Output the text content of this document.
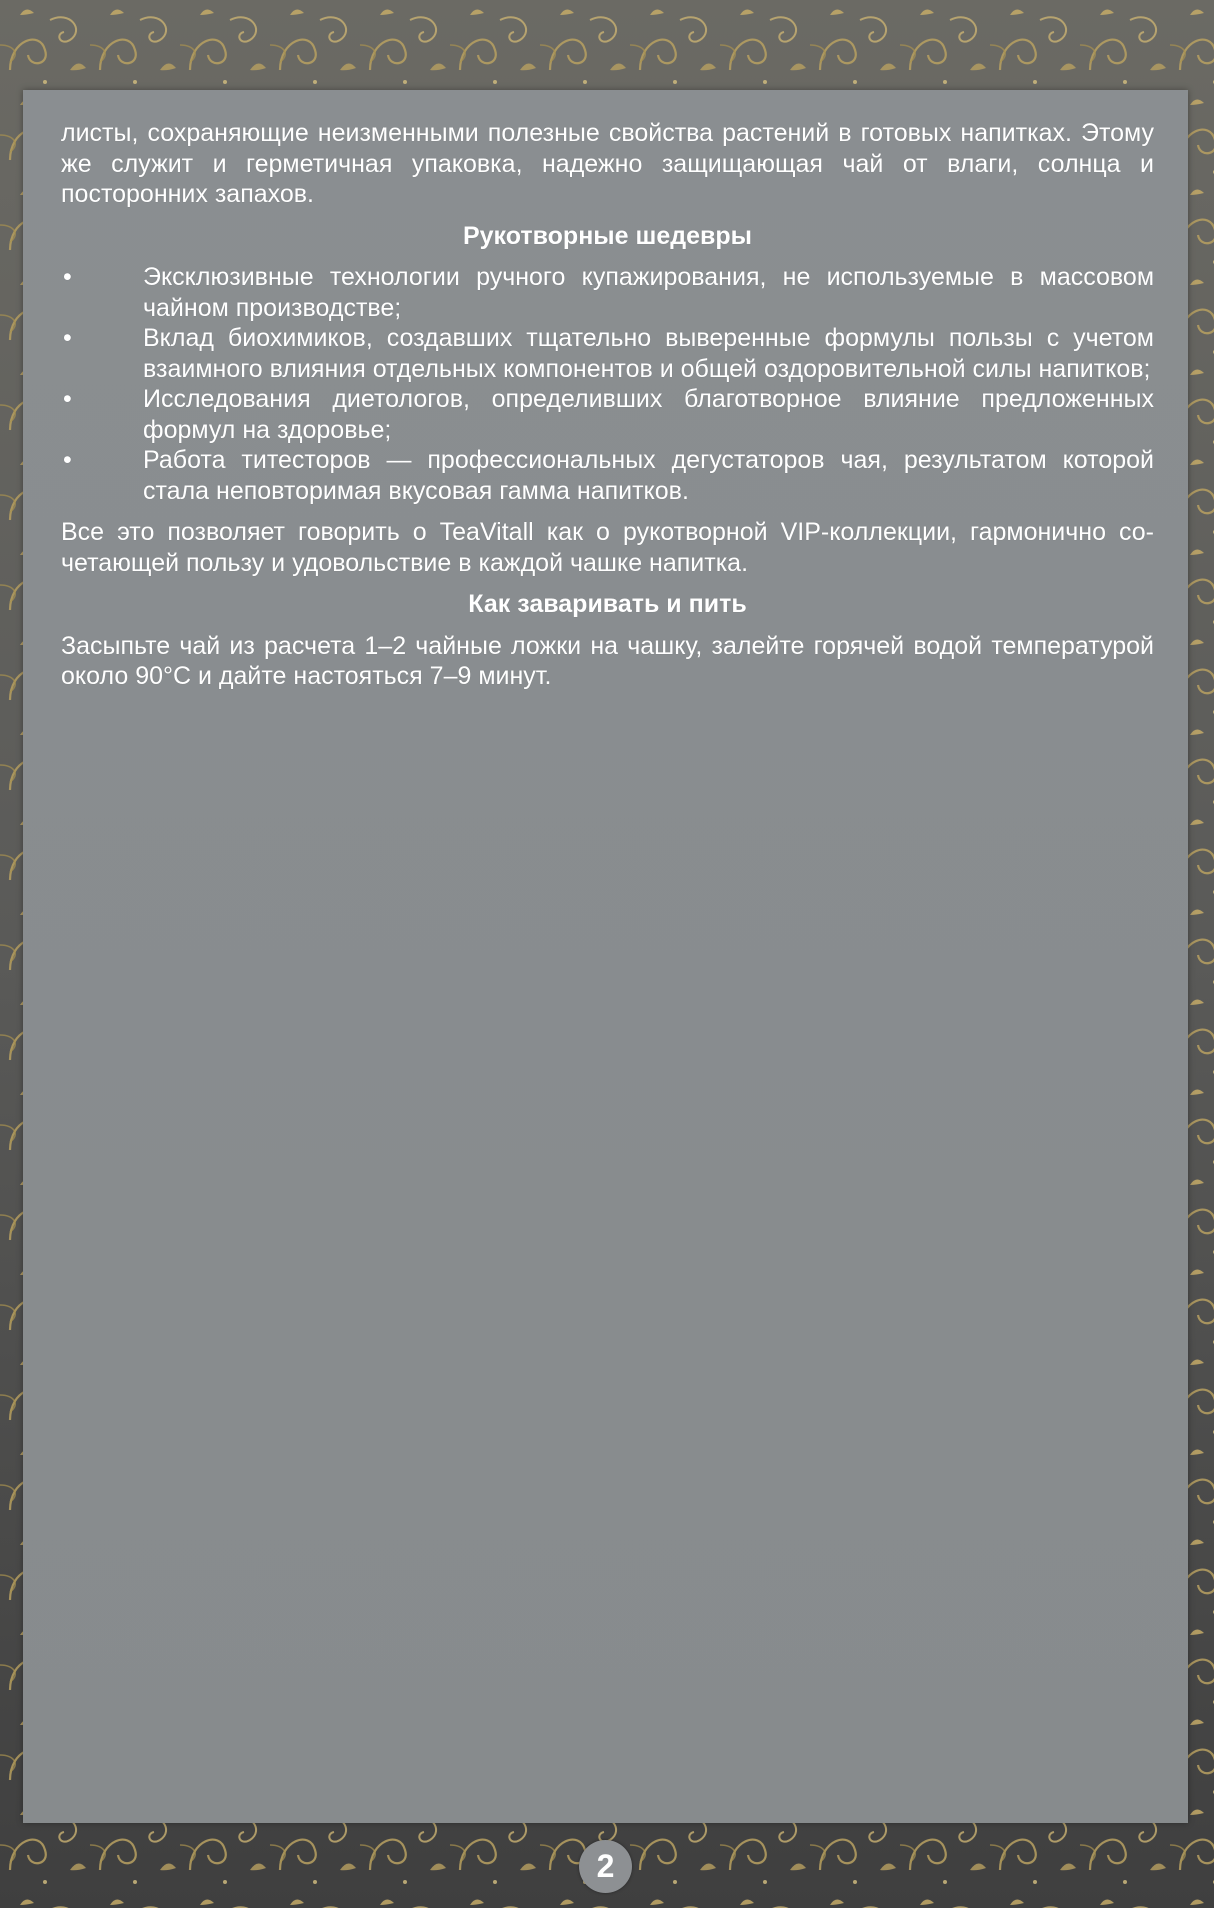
листы, сохраняющие неизменными полезные свойства растений в готовых напитках. Этому же служит и герметичная упаковка, надежно защищающая чай от влаги, солнца и посторонних запахов.

Рукотворные шедевры
•	Эксклюзивные технологии ручного купажирования, не используемые в массовом чайном производстве;
•	Вклад биохимиков, создавших тщательно выверенные формулы пользы с учетом взаимного влияния отдельных компонентов и общей оздоровительной силы напитков;
•	Исследования диетологов, определивших благотворное влияние предложенных формул на здоровье;
•	Работа титесторов — профессиональных дегустаторов чая, результатом которой стала неповторимая вкусовая гамма напитков.

Все это позволяет говорить о TeaVitall как о рукотворной VIP-коллекции, гармонично сочетающей пользу и удовольствие в каждой чашке напитка.

Как заваривать и пить

Засыпьте чай из расчета 1–2 чайные ложки на чашку, залейте горячей водой температурой около 90°C и дайте настояться 7–9 минут.

2
